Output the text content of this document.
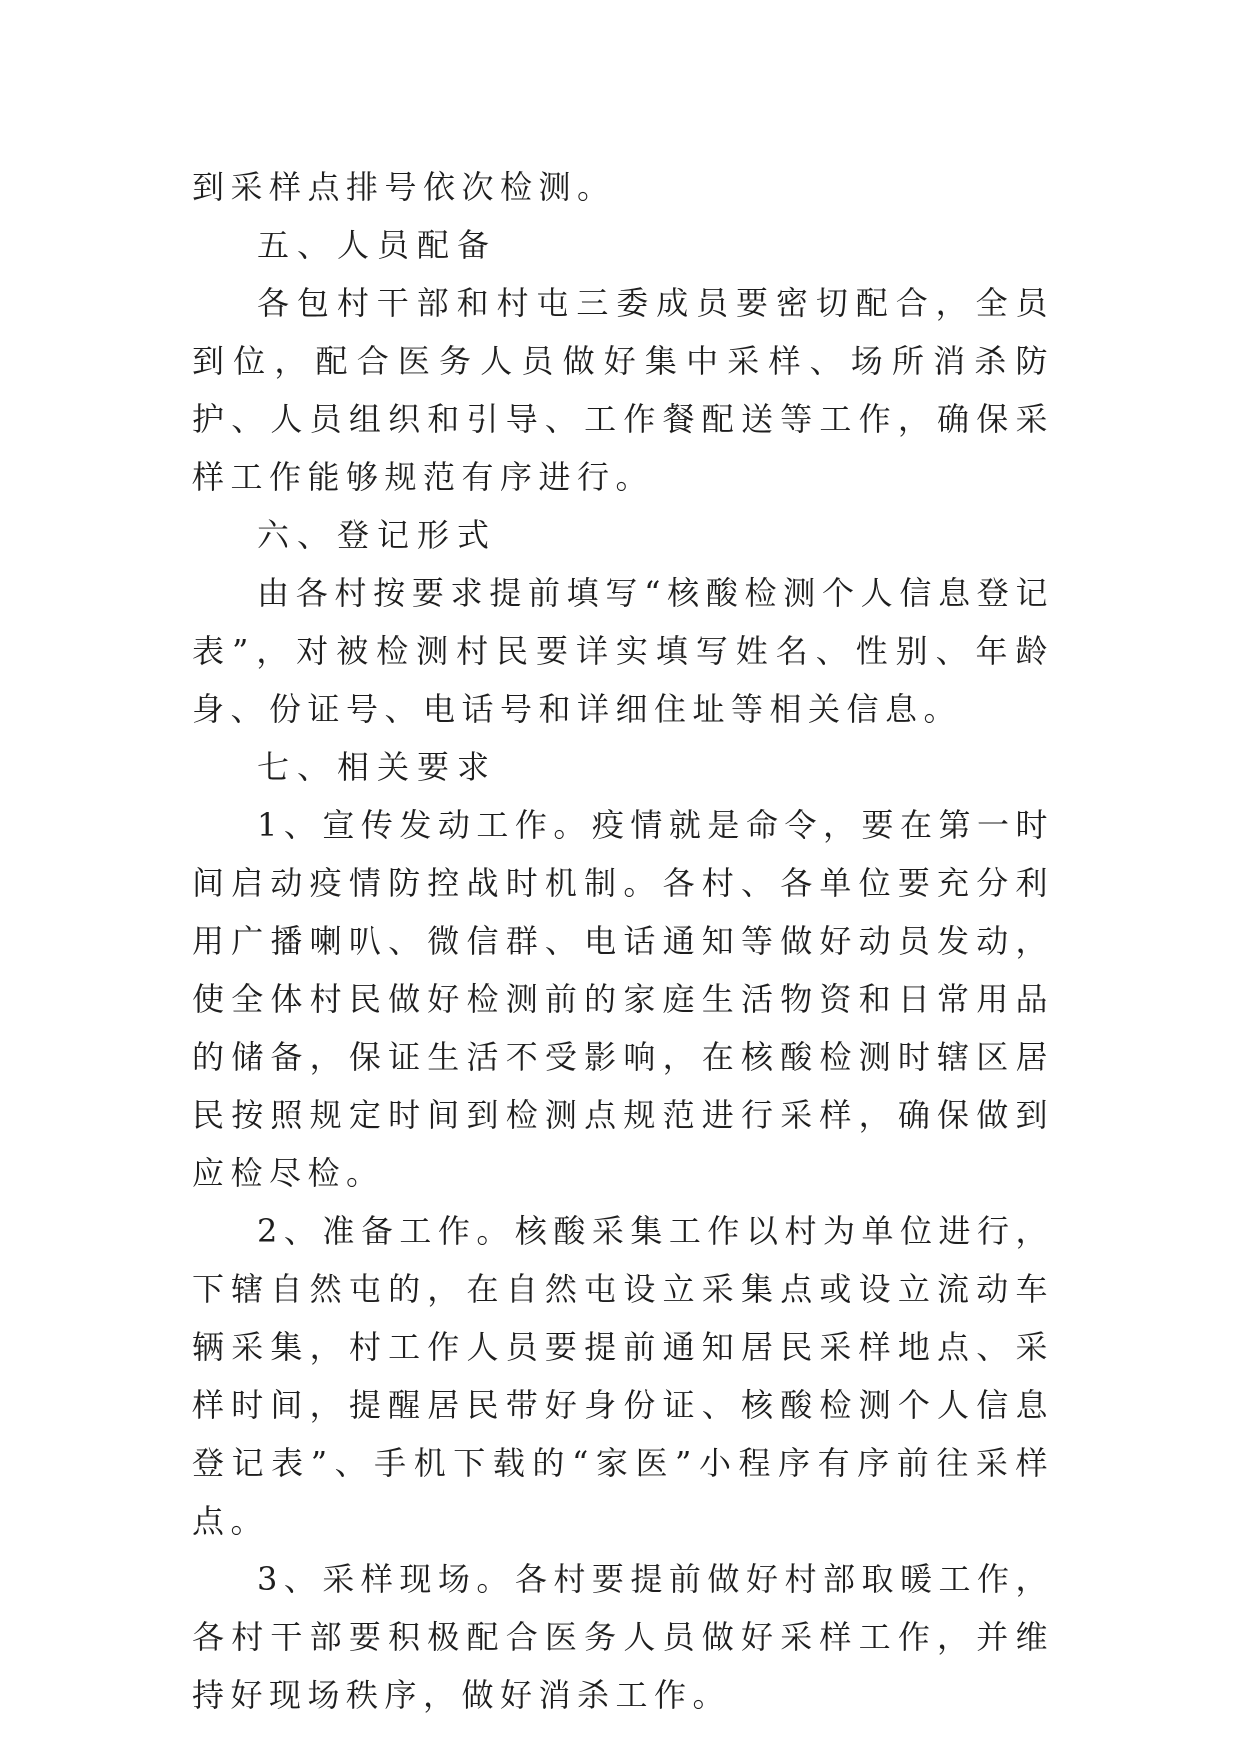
到采样点排号依次检测。

五、人员配备

各包村干部和村屯三委成员要密切配合，全员到位，配合医务人员做好集中采样、场所消杀防护、人员组织和引导、工作餐配送等工作，确保采样工作能够规范有序进行。

六、登记形式

由各村按要求提前填写“核酸检测个人信息登记表”，对被检测村民要详实填写姓名、性别、年龄身、份证号、电话号和详细住址等相关信息。

七、相关要求

1、宣传发动工作。疫情就是命令，要在第一时间启动疫情防控战时机制。各村、各单位要充分利用广播喇叭、微信群、电话通知等做好动员发动，使全体村民做好检测前的家庭生活物资和日常用品的储备，保证生活不受影响，在核酸检测时辖区居民按照规定时间到检测点规范进行采样，确保做到应检尽检。

2、准备工作。核酸采集工作以村为单位进行，下辖自然屯的，在自然屯设立采集点或设立流动车辆采集，村工作人员要提前通知居民采样地点、采样时间，提醒居民带好身份证、核酸检测个人信息登记表”、手机下载的“家医”小程序有序前往采样点。

3、采样现场。各村要提前做好村部取暖工作，各村干部要积极配合医务人员做好采样工作，并维持好现场秩序，做好消杀工作。
